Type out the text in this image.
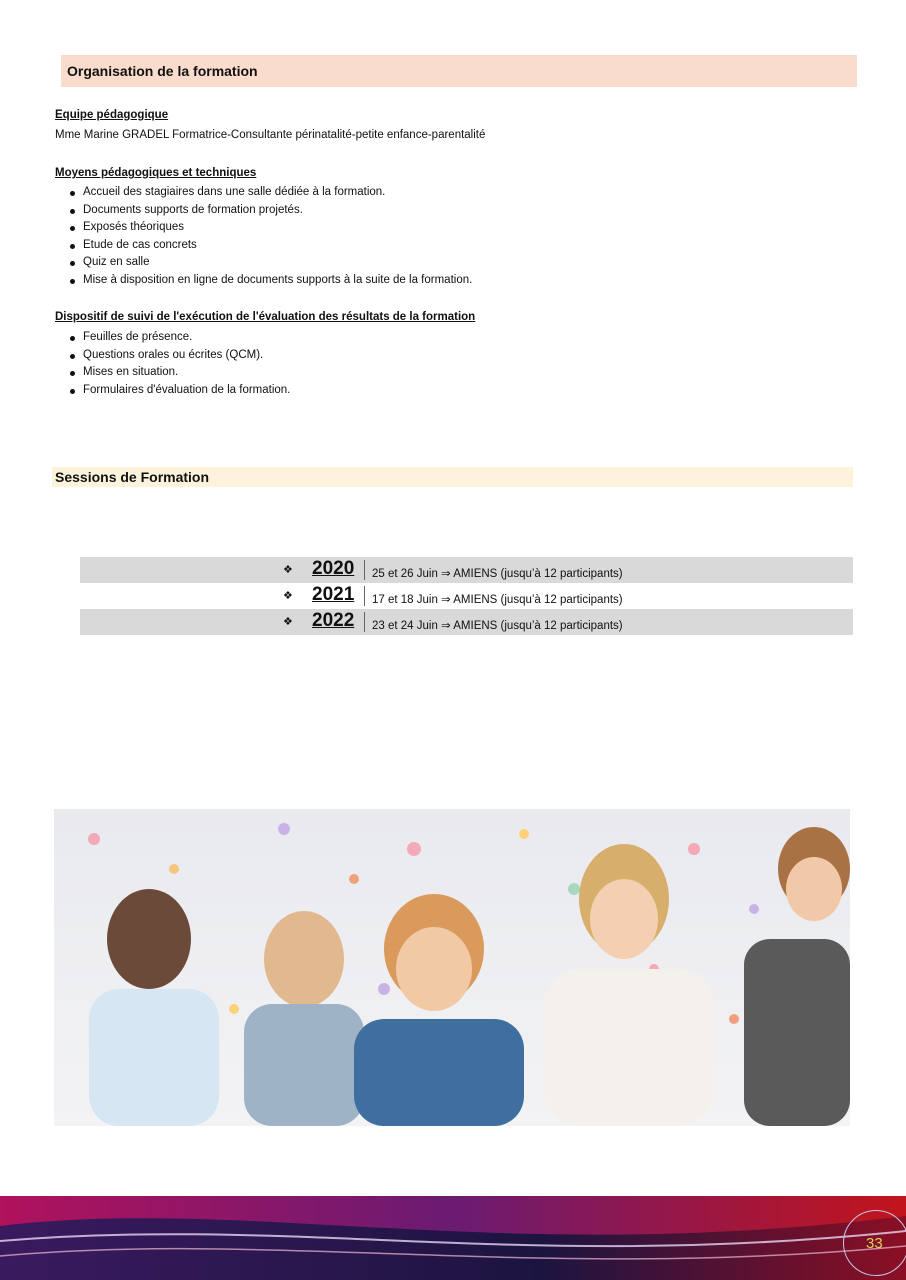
Organisation de la formation
Equipe pédagogique
Mme Marine GRADEL Formatrice-Consultante périnatalité-petite enfance-parentalité
Moyens pédagogiques et techniques
Accueil des stagiaires dans une salle dédiée à la formation.
Documents supports de formation projetés.
Exposés théoriques
Etude de cas concrets
Quiz en salle
Mise à disposition en ligne de documents supports à la suite de la formation.
Dispositif de suivi de l'exécution de l'évaluation des résultats de la formation
Feuilles de présence.
Questions orales ou écrites (QCM).
Mises en situation.
Formulaires d'évaluation de la formation.
Sessions de Formation
❖ 2020 25 et 26 Juin ⇒ AMIENS (jusqu’à 12 participants)
❖ 2021 17 et 18 Juin ⇒ AMIENS (jusqu’à 12 participants)
❖ 2022 23 et 24 Juin ⇒ AMIENS (jusqu’à 12 participants)
33
